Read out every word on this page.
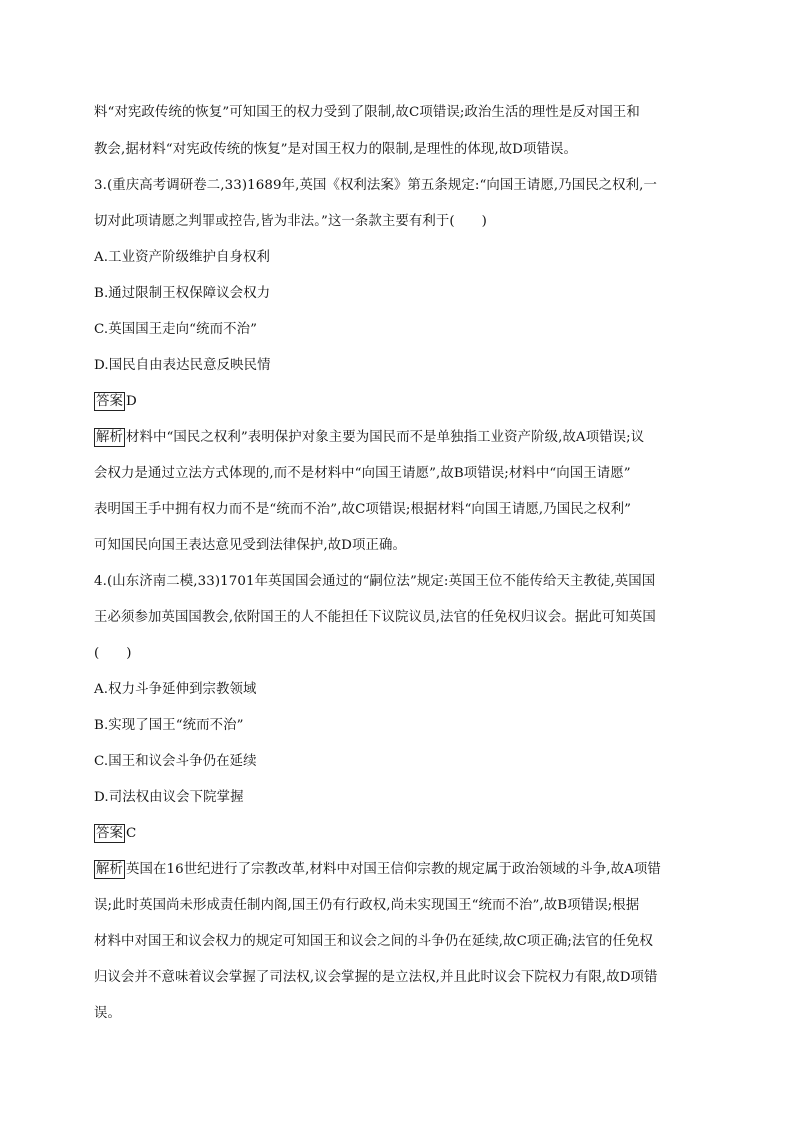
料“对宪政传统的恢复”可知国王的权力受到了限制,故C项错误;政治生活的理性是反对国王和
教会,据材料“对宪政传统的恢复”是对国王权力的限制,是理性的体现,故D项错误。
3.(重庆高考调研卷二,33)1689年,英国《权利法案》第五条规定:“向国王请愿,乃国民之权利,一
切对此项请愿之判罪或控告,皆为非法。”这一条款主要有利于(　　)
A.工业资产阶级维护自身权利
B.通过限制王权保障议会权力
C.英国国王走向“统而不治”
D.国民自由表达民意反映民情
答案 D
解析 材料中“国民之权利”表明保护对象主要为国民而不是单独指工业资产阶级,故A项错误;议
会权力是通过立法方式体现的,而不是材料中“向国王请愿”,故B项错误;材料中“向国王请愿”
表明国王手中拥有权力而不是“统而不治”,故C项错误;根据材料“向国王请愿,乃国民之权利”
可知国民向国王表达意见受到法律保护,故D项正确。
4.(山东济南二模,33)1701年英国国会通过的“嗣位法”规定:英国王位不能传给天主教徒,英国国
王必须参加英国国教会,依附国王的人不能担任下议院议员,法官的任免权归议会。据此可知英国
(　　)
A.权力斗争延伸到宗教领域
B.实现了国王“统而不治”
C.国王和议会斗争仍在延续
D.司法权由议会下院掌握
答案 C
解析 英国在16世纪进行了宗教改革,材料中对国王信仰宗教的规定属于政治领域的斗争,故A项错
误;此时英国尚未形成责任制内阁,国王仍有行政权,尚未实现国王“统而不治”,故B项错误;根据
材料中对国王和议会权力的规定可知国王和议会之间的斗争仍在延续,故C项正确;法官的任免权
归议会并不意味着议会掌握了司法权,议会掌握的是立法权,并且此时议会下院权力有限,故D项错
误。
